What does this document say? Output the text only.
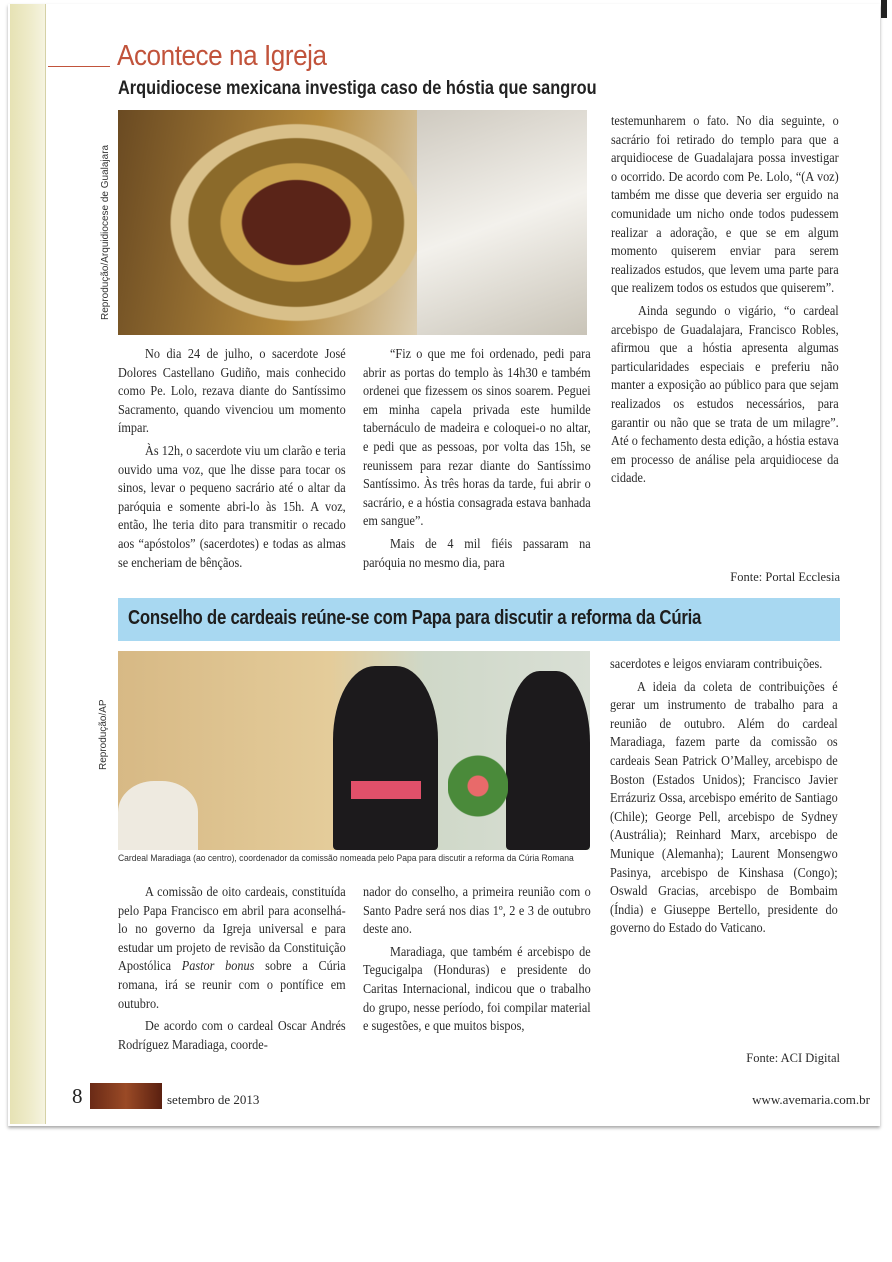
Acontece na Igreja
Arquidiocese mexicana investiga caso de hóstia que sangrou
Reprodução/Arquidiocese de Gualajara

No dia 24 de julho, o sacerdote José Dolores Castellano Gudiño, mais conhecido como Pe. Lolo, rezava diante do Santíssimo Sacramento, quando vivenciou um momento ímpar.

Às 12h, o sacerdote viu um clarão e teria ouvido uma voz, que lhe disse para tocar os sinos, levar o pequeno sacrário até o altar da paróquia e somente abri-lo às 15h. A voz, então, lhe teria dito para transmitir o recado aos “apóstolos” (sacerdotes) e todas as almas se encheriam de bênçãos.

“Fiz o que me foi ordenado, pedi para abrir as portas do templo às 14h30 e também ordenei que fizessem os sinos soarem. Peguei em minha capela privada este humilde tabernáculo de madeira e coloquei-o no altar, e pedi que as pessoas, por volta das 15h, se reunissem para rezar diante do Santíssimo Santíssimo. Às três horas da tarde, fui abrir o sacrário, e a hóstia consagrada estava banhada em sangue”.

Mais de 4 mil fiéis passaram na paróquia no mesmo dia, para

testemunharem o fato. No dia seguinte, o sacrário foi retirado do templo para que a arquidiocese de Guadalajara possa investigar o ocorrido. De acordo com Pe. Lolo, “(A voz) também me disse que deveria ser erguido na comunidade um nicho onde todos pudessem realizar a adoração, e que se em algum momento quiserem enviar para serem realizados estudos, que levem uma parte para que realizem todos os estudos que quiserem”.

Ainda segundo o vigário, “o cardeal arcebispo de Guadalajara, Francisco Robles, afirmou que a hóstia apresenta algumas particularidades especiais e preferiu não manter a exposição ao público para que sejam realizados os estudos necessários, para garantir ou não que se trata de um milagre”. Até o fechamento desta edição, a hóstia estava em processo de análise pela arquidiocese da cidade.

Fonte: Portal Ecclesia
Conselho de cardeais reúne-se com Papa para discutir a reforma da Cúria
Reprodução/AP
Cardeal Maradiaga (ao centro), coordenador da comissão nomeada pelo Papa para discutir a reforma da Cúria Romana

A comissão de oito cardeais, constituída pelo Papa Francisco em abril para aconselhá-lo no governo da Igreja universal e para estudar um projeto de revisão da Constituição Apostólica Pastor bonus sobre a Cúria romana, irá se reunir com o pontífice em outubro.

De acordo com o cardeal Oscar Andrés Rodríguez Maradiaga, coorde-

nador do conselho, a primeira reunião com o Santo Padre será nos dias 1º, 2 e 3 de outubro deste ano.

Maradiaga, que também é arcebispo de Tegucigalpa (Honduras) e presidente do Caritas Internacional, indicou que o trabalho do grupo, nesse período, foi compilar material e sugestões, e que muitos bispos,

sacerdotes e leigos enviaram contribuições.

A ideia da coleta de contribuições é gerar um instrumento de trabalho para a reunião de outubro. Além do cardeal Maradiaga, fazem parte da comissão os cardeais Sean Patrick O’Malley, arcebispo de Boston (Estados Unidos); Francisco Javier Errázuriz Ossa, arcebispo emérito de Santiago (Chile); George Pell, arcebispo de Sydney (Austrália); Reinhard Marx, arcebispo de Munique (Alemanha); Laurent Monsengwo Pasinya, arcebispo de Kinshasa (Congo); Oswald Gracias, arcebispo de Bombaim (Índia) e Giuseppe Bertello, presidente do governo do Estado do Vaticano.

Fonte: ACI Digital
8	setembro de 2013	www.avemaria.com.br
